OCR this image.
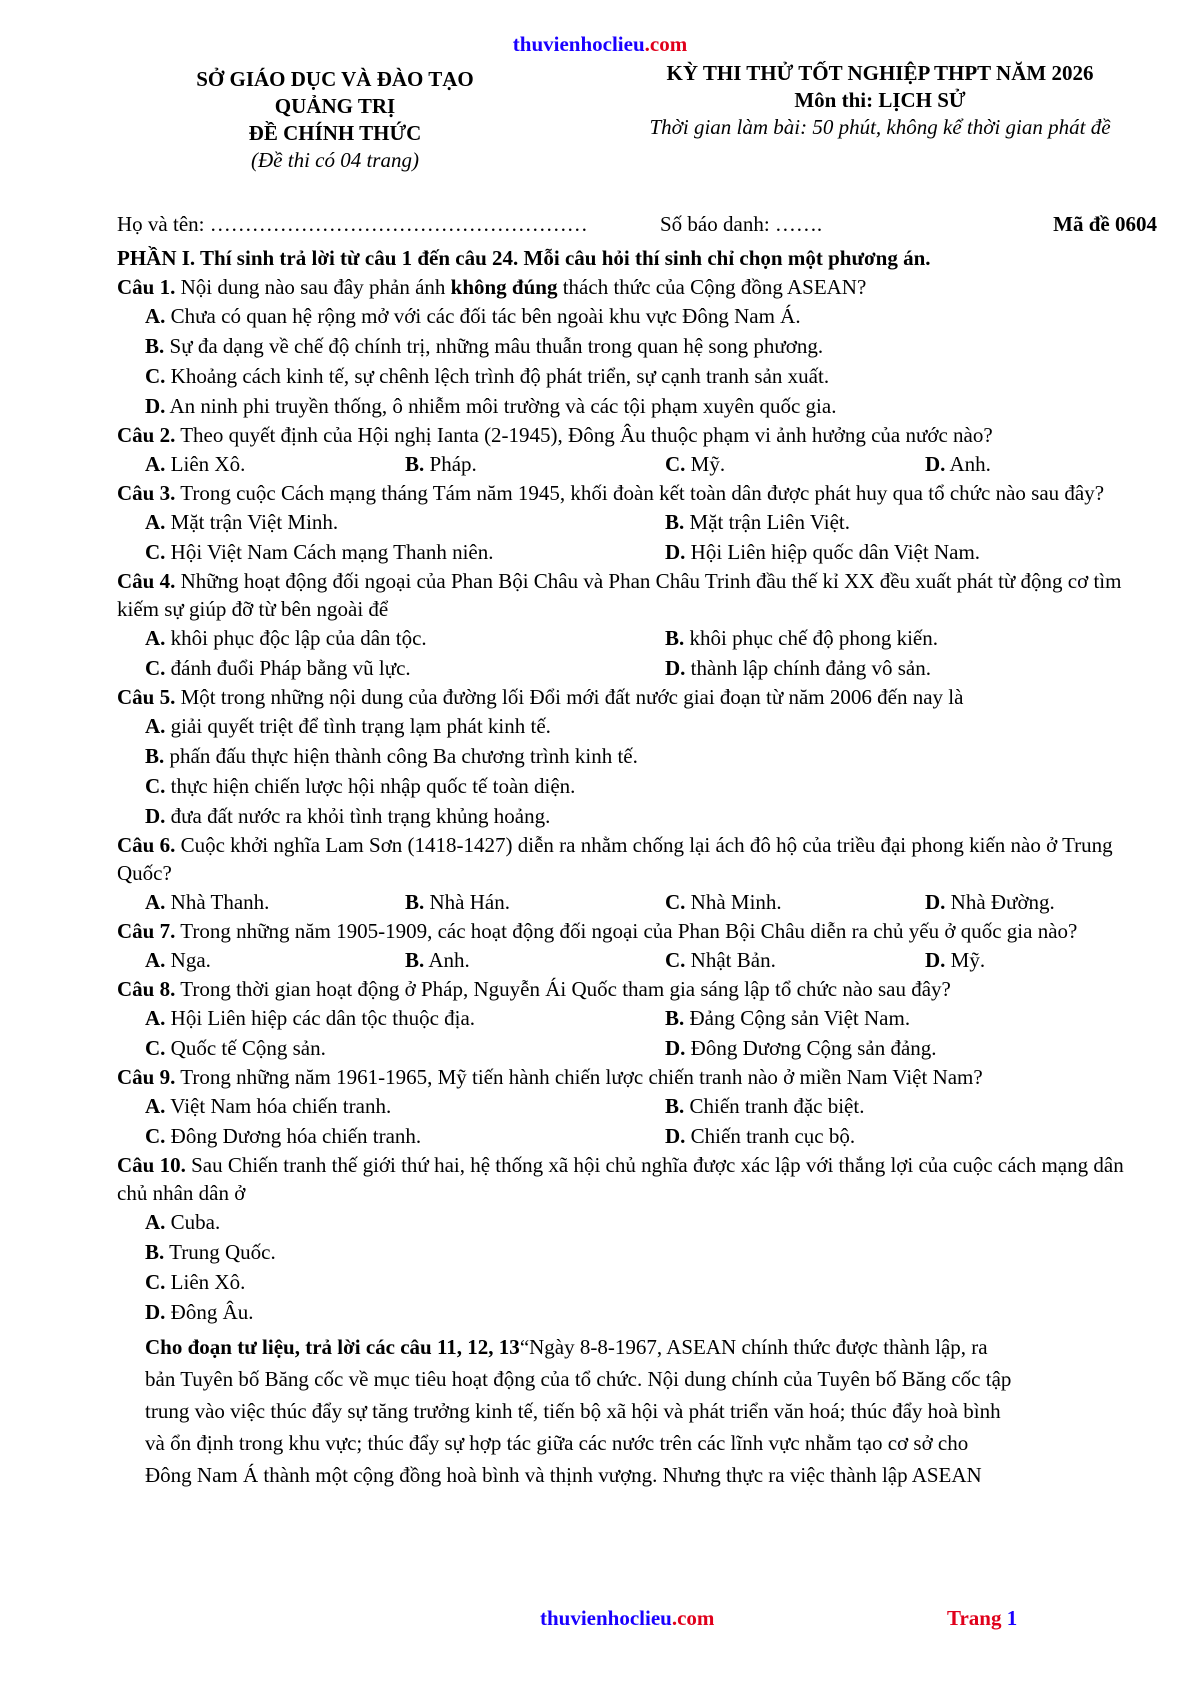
thuvienhoclieu.com
SỞ GIÁO DỤC VÀ ĐÀO TẠO
QUẢNG TRỊ
ĐỀ CHÍNH THỨC
(Đề thi có 04 trang)
KỲ THI THỬ TỐT NGHIỆP THPT NĂM 2026
Môn thi: LỊCH SỬ
Thời gian làm bài: 50 phút, không kể thời gian phát đề
Họ và tên: ………………………………………………	Số báo danh: …….	Mã đề 0604

PHẦN I. Thí sinh trả lời từ câu 1 đến câu 24. Mỗi câu hỏi thí sinh chỉ chọn một phương án.

Câu 1. Nội dung nào sau đây phản ánh không đúng thách thức của Cộng đồng ASEAN?

A. Chưa có quan hệ rộng mở với các đối tác bên ngoài khu vực Đông Nam Á.

B. Sự đa dạng về chế độ chính trị, những mâu thuẫn trong quan hệ song phương.

C. Khoảng cách kinh tế, sự chênh lệch trình độ phát triển, sự cạnh tranh sản xuất.

D. An ninh phi truyền thống, ô nhiễm môi trường và các tội phạm xuyên quốc gia.

Câu 2. Theo quyết định của Hội nghị Ianta (2-1945), Đông Âu thuộc phạm vi ảnh hưởng của nước nào?

A. Liên Xô.	B. Pháp.	C. Mỹ.	D. Anh.

Câu 3. Trong cuộc Cách mạng tháng Tám năm 1945, khối đoàn kết toàn dân được phát huy qua tổ chức nào sau đây?

A. Mặt trận Việt Minh.	B. Mặt trận Liên Việt.
C. Hội Việt Nam Cách mạng Thanh niên.	D. Hội Liên hiệp quốc dân Việt Nam.

Câu 4. Những hoạt động đối ngoại của Phan Bội Châu và Phan Châu Trinh đầu thế kỉ XX đều xuất phát từ động cơ tìm kiếm sự giúp đỡ từ bên ngoài để

A. khôi phục độc lập của dân tộc.	B. khôi phục chế độ phong kiến.
C. đánh đuổi Pháp bằng vũ lực.	D. thành lập chính đảng vô sản.

Câu 5. Một trong những nội dung của đường lối Đổi mới đất nước giai đoạn từ năm 2006 đến nay là

A. giải quyết triệt để tình trạng lạm phát kinh tế.

B. phấn đấu thực hiện thành công Ba chương trình kinh tế.

C. thực hiện chiến lược hội nhập quốc tế toàn diện.

D. đưa đất nước ra khỏi tình trạng khủng hoảng.

Câu 6. Cuộc khởi nghĩa Lam Sơn (1418-1427) diễn ra nhằm chống lại ách đô hộ của triều đại phong kiến nào ở Trung Quốc?

A. Nhà Thanh.	B. Nhà Hán.	C. Nhà Minh.	D. Nhà Đường.

Câu 7. Trong những năm 1905-1909, các hoạt động đối ngoại của Phan Bội Châu diễn ra chủ yếu ở quốc gia nào?

A. Nga.	B. Anh.	C. Nhật Bản.	D. Mỹ.

Câu 8. Trong thời gian hoạt động ở Pháp, Nguyễn Ái Quốc tham gia sáng lập tổ chức nào sau đây?

A. Hội Liên hiệp các dân tộc thuộc địa.	B. Đảng Cộng sản Việt Nam.
C. Quốc tế Cộng sản.	D. Đông Dương Cộng sản đảng.

Câu 9. Trong những năm 1961-1965, Mỹ tiến hành chiến lược chiến tranh nào ở miền Nam Việt Nam?

A. Việt Nam hóa chiến tranh.	B. Chiến tranh đặc biệt.
C. Đông Dương hóa chiến tranh.	D. Chiến tranh cục bộ.

Câu 10. Sau Chiến tranh thế giới thứ hai, hệ thống xã hội chủ nghĩa được xác lập với thắng lợi của cuộc cách mạng dân chủ nhân dân ở

A. Cuba.

B. Trung Quốc.

C. Liên Xô.

D. Đông Âu.

Cho đoạn tư liệu, trả lời các câu 11, 12, 13“Ngày 8-8-1967, ASEAN chính thức được thành lập, ra
bản Tuyên bố Băng cốc về mục tiêu hoạt động của tổ chức. Nội dung chính của Tuyên bố Băng cốc tập
trung vào việc thúc đẩy sự tăng trưởng kinh tế, tiến bộ xã hội và phát triển văn hoá; thúc đẩy hoà bình
và ổn định trong khu vực; thúc đẩy sự hợp tác giữa các nước trên các lĩnh vực nhằm tạo cơ sở cho
Đông Nam Á thành một cộng đồng hoà bình và thịnh vượng. Nhưng thực ra việc thành lập ASEAN
thuvienhoclieu.com	Trang 1
